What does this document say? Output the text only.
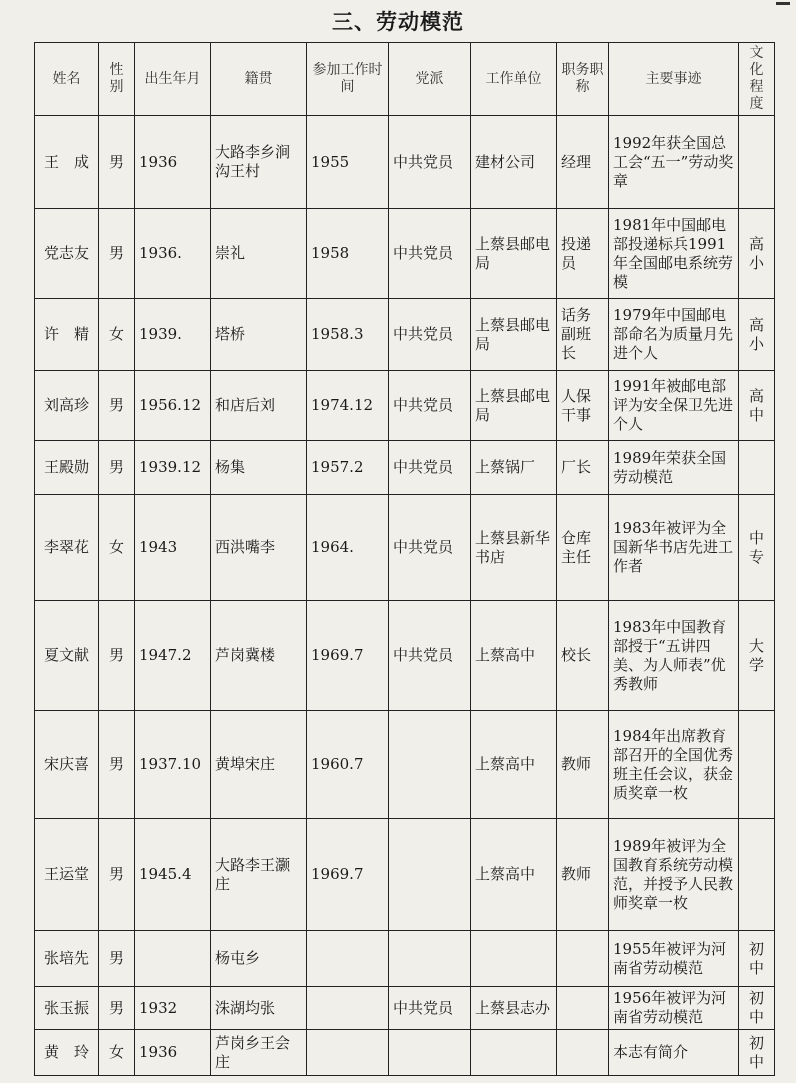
三、劳动模范
姓名	性别	出生年月	籍贯	参加工作时间	党派	工作单位	职务职称	主要事迹	文化程度
王　成	男	1936	大路李乡涧沟王村	1955	中共党员	建材公司	经理	1992年获全国总工会“五一”劳动奖章	
党志友	男	1936.	崇礼	1958	中共党员	上蔡县邮电局	投递员	1981年中国邮电部投递标兵1991年全国邮电系统劳模	高小
许　精	女	1939.	塔桥	1958.3	中共党员	上蔡县邮电局	话务副班长	1979年中国邮电部命名为质量月先进个人	高小
刘高珍	男	1956.12	和店后刘	1974.12	中共党员	上蔡县邮电局	人保干事	1991年被邮电部评为安全保卫先进个人	高中
王殿勋	男	1939.12	杨集	1957.2	中共党员	上蔡锅厂	厂长	1989年荣获全国劳动模范	
李翠花	女	1943	西洪嘴李	1964.	中共党员	上蔡县新华书店	仓库主任	1983年被评为全国新华书店先进工作者	中专
夏文献	男	1947.2	芦岗冀楼	1969.7	中共党员	上蔡高中	校长	1983年中国教育部授于“五讲四美、为人师表”优秀教师	大学
宋庆喜	男	1937.10	黄埠宋庄	1960.7		上蔡高中	教师	1984年出席教育部召开的全国优秀班主任会议，获金质奖章一枚	
王运堂	男	1945.4	大路李王灏庄	1969.7		上蔡高中	教师	1989年被评为全国教育系统劳动模范，并授予人民教师奖章一枚	
张培先	男		杨屯乡					1955年被评为河南省劳动模范	初中
张玉振	男	1932	洙湖均张		中共党员	上蔡县志办		1956年被评为河南省劳动模范	初中
黄　玲	女	1936	芦岗乡王会庄					本志有简介	初中
